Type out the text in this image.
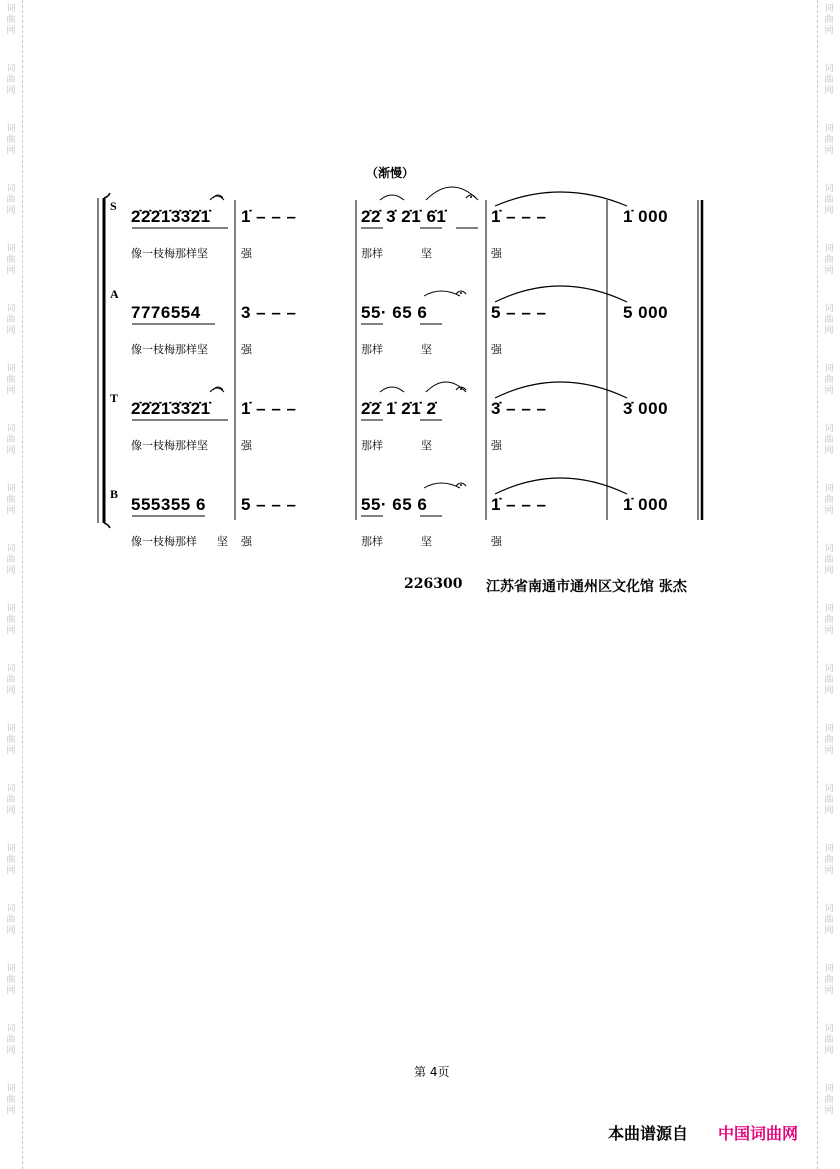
词
曲
网
词
曲
网
词
曲
网
词
曲
网
词
曲
网
词
曲
网
词
曲
网
词
曲
网
词
曲
网
词
曲
网
词
曲
网
词
曲
网
词
曲
网
词
曲
网
词
曲
网
词
曲
网
词
曲
网
词
曲
网
词
曲
网
词
曲
网
词
曲
网
词
曲
网
词
曲
网
词
曲
网
词
曲
网
词
曲
网
词
曲
网
词
曲
网
词
曲
网
词
曲
网
词
曲
网
词
曲
网
词
曲
网
词
曲
网
词
曲
网
词
曲
网
词
曲
网
词
曲
网
（渐慢）
S
2̇2̇2̇1̇3̇3̇2̇1̇ 1̇ – – –	2̇2̇ 3̇ 2̇1̇ 6̇1̇	1̇ – – –	1̇ 000
像一枝梅那样坚	强	那样	坚	强
A
7776554 3 – – –	55· 65 6	5 – – –	5 000
像一枝梅那样坚	强	那样	坚	强
T
2̇2̇2̇1̇3̇3̇2̇1̇ 1̇ – – –	2̇2̇ 1̇ 2̇1̇ 2̇	3̇ – – –	3̇ 000
像一枝梅那样坚	强	那样	坚	强
B
555355 6 5 – – –	55· 65 6	1̇ – – –	1̇ 000
像一枝梅那样 坚 强	那样	坚	强
226300 江苏省南通市通州区文化馆 张杰
第 4页
本曲谱源自 中国词曲网
